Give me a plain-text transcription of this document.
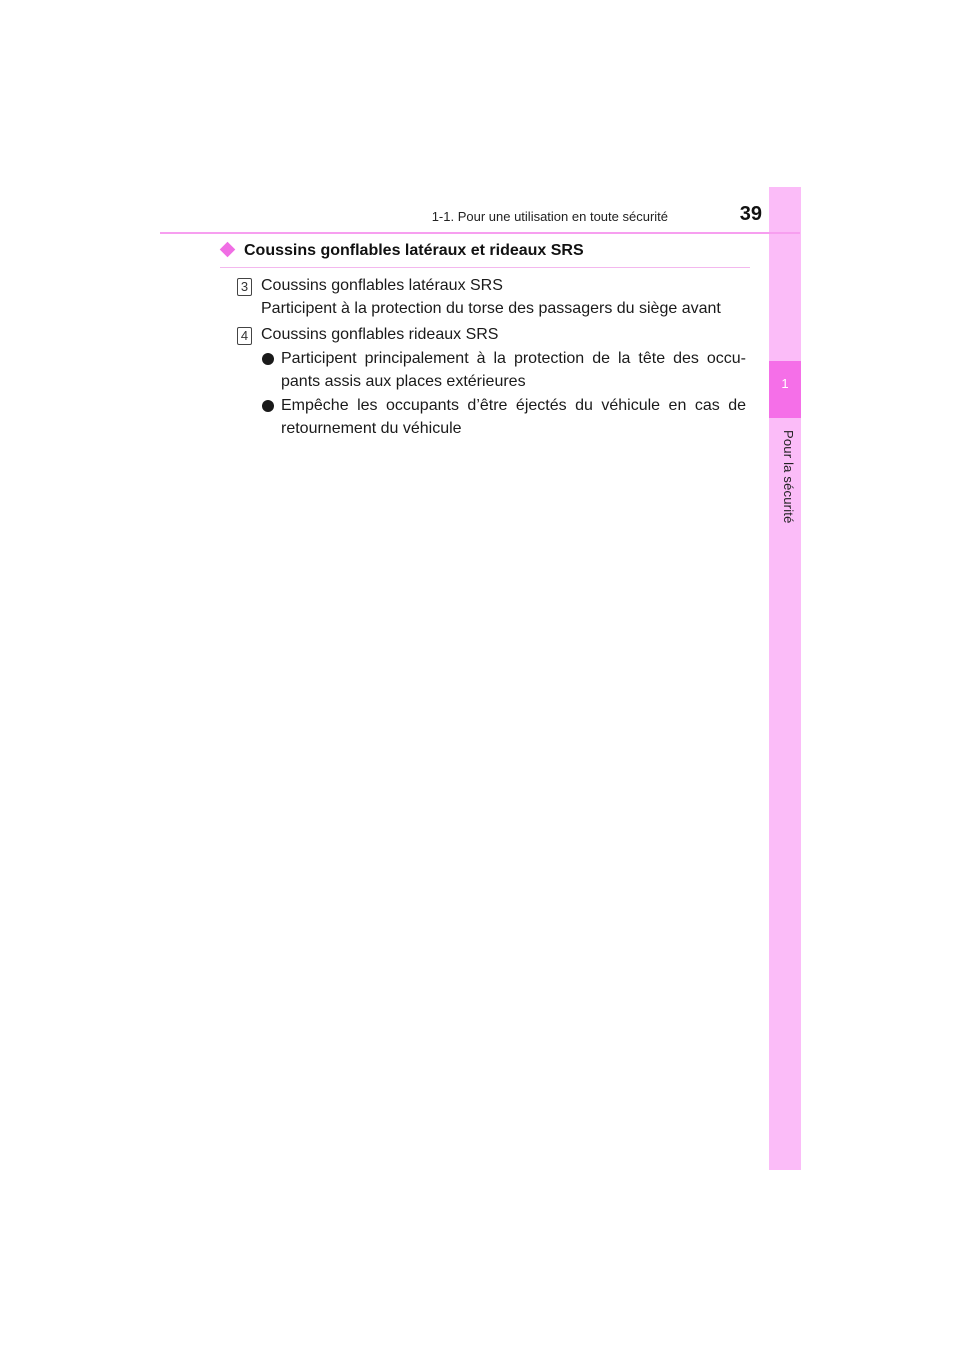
1
Pour la sécurité
1-1. Pour une utilisation en toute sécurité	39
Coussins gonflables latéraux et rideaux SRS
3 Coussins gonflables latéraux SRS
Participent à la protection du torse des passagers du siège avant
4 Coussins gonflables rideaux SRS
Participent principalement à la protection de la tête des occu-
pants assis aux places extérieures
Empêche les occupants d’être éjectés du véhicule en cas de
retournement du véhicule
